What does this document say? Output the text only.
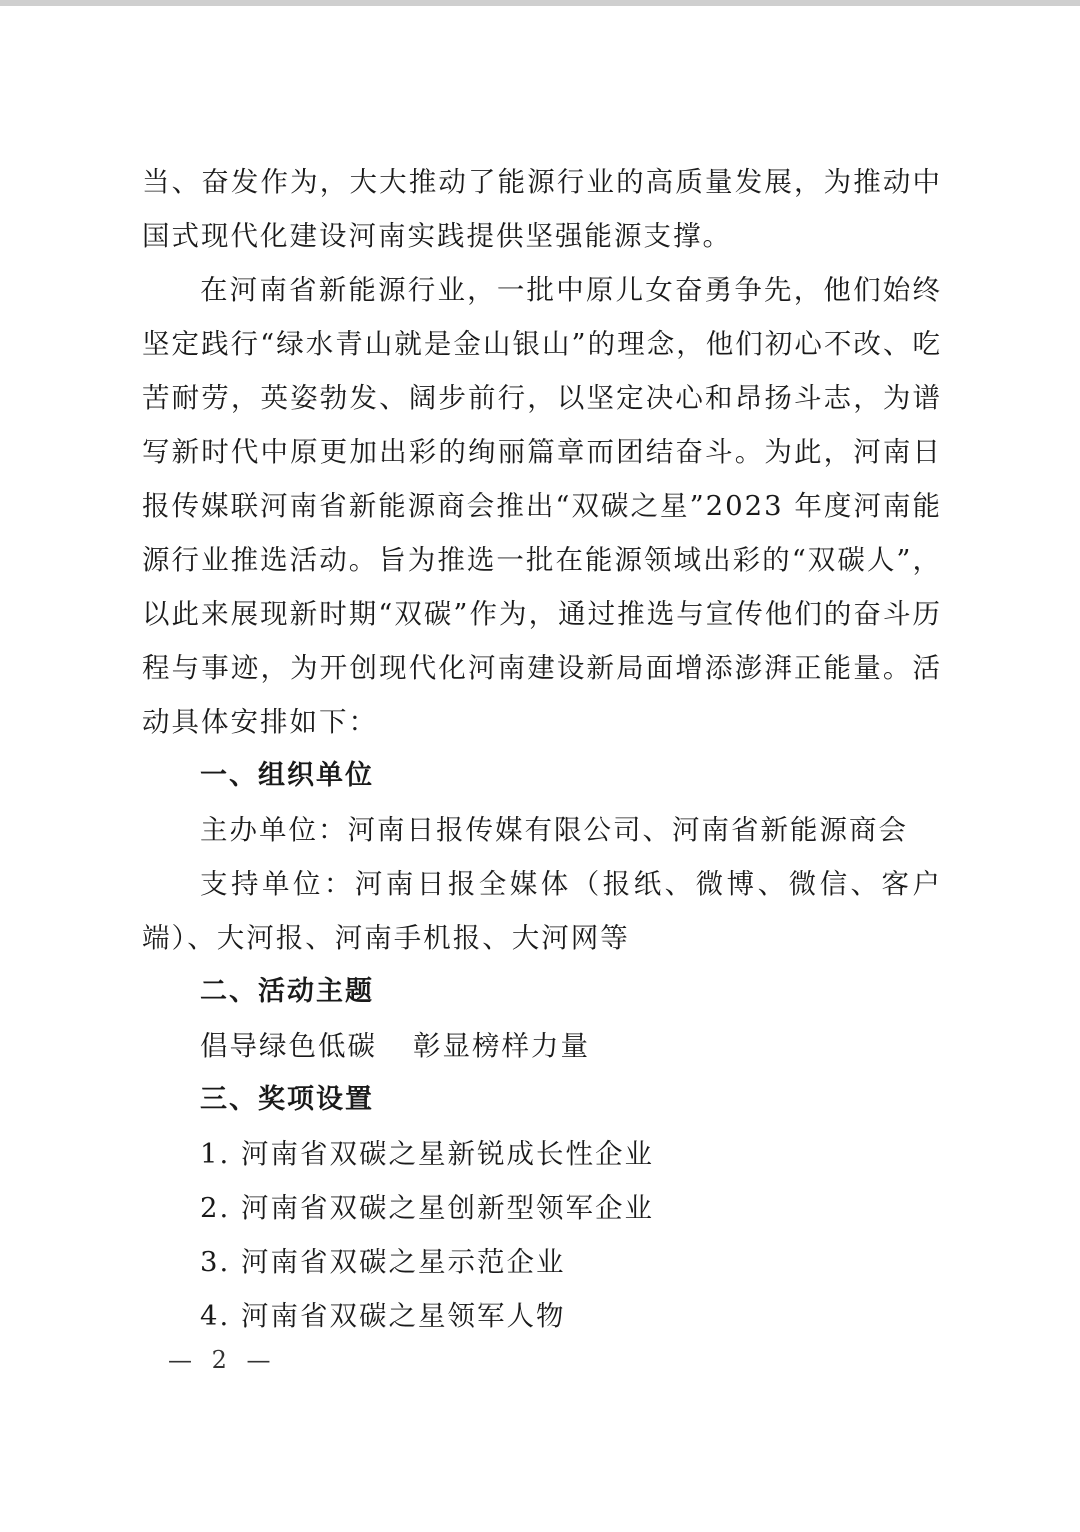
当、奋发作为，大大推动了能源行业的高质量发展，为推动中国式现代化建设河南实践提供坚强能源支撑。

在河南省新能源行业，一批中原儿女奋勇争先，他们始终坚定践行“绿水青山就是金山银山”的理念，他们初心不改、吃苦耐劳，英姿勃发、阔步前行，以坚定决心和昂扬斗志，为谱写新时代中原更加出彩的绚丽篇章而团结奋斗。为此，河南日报传媒联河南省新能源商会推出“双碳之星”2023 年度河南能源行业推选活动。旨为推选一批在能源领域出彩的“双碳人”，以此来展现新时期“双碳”作为，通过推选与宣传他们的奋斗历程与事迹，为开创现代化河南建设新局面增添澎湃正能量。活动具体安排如下：

一、组织单位

主办单位：河南日报传媒有限公司、河南省新能源商会

支持单位：河南日报全媒体（报纸、微博、微信、客户端）、大河报、河南手机报、大河网等

二、活动主题

倡导绿色低碳 彰显榜样力量

三、奖项设置

1. 河南省双碳之星新锐成长性企业

2. 河南省双碳之星创新型领军企业

3. 河南省双碳之星示范企业

4. 河南省双碳之星领军人物

— 2 —
